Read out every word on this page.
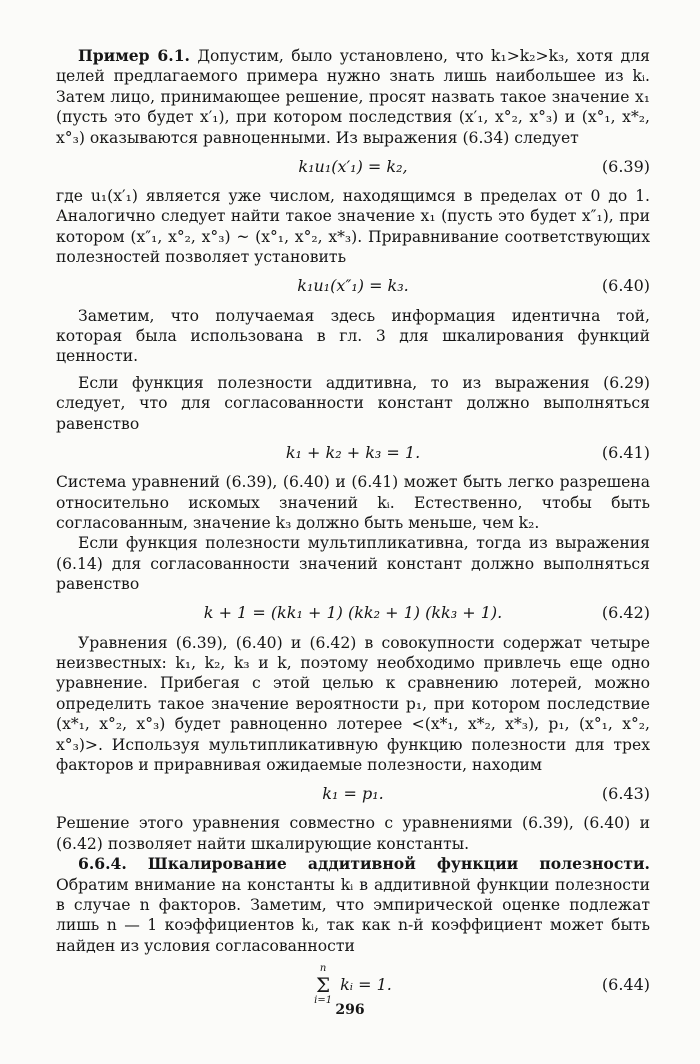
Пример 6.1. Допустим, было установлено, что k₁>k₂>k₃, хотя для целей предлагаемого примера нужно знать лишь наибольшее из kᵢ. Затем лицо, принимающее решение, просят назвать такое значение x₁ (пусть это будет x′₁), при котором последствия (x′₁, x°₂, x°₃) и (x°₁, x*₂, x°₃) оказываются равноценными. Из выражения (6.34) следует

k₁u₁(x′₁) = k₂,	(6.39)

где u₁(x′₁) является уже числом, находящимся в пределах от 0 до 1. Аналогично следует найти такое значение x₁ (пусть это будет x″₁), при котором (x″₁, x°₂, x°₃) ~ (x°₁, x°₂, x*₃). Приравнивание соответствующих полезностей позволяет установить

k₁u₁(x″₁) = k₃.	(6.40)

Заметим, что получаемая здесь информация идентична той, которая была использована в гл. 3 для шкалирования функций ценности.

Если функция полезности аддитивна, то из выражения (6.29) следует, что для согласованности констант должно выполняться равенство

k₁ + k₂ + k₃ = 1.	(6.41)

Система уравнений (6.39), (6.40) и (6.41) может быть легко разрешена относительно искомых значений kᵢ. Естественно, чтобы быть согласованным, значение k₃ должно быть меньше, чем k₂.

Если функция полезности мультипликативна, тогда из выражения (6.14) для согласованности значений констант должно выполняться равенство

k + 1 = (kk₁ + 1) (kk₂ + 1) (kk₃ + 1).	(6.42)

Уравнения (6.39), (6.40) и (6.42) в совокупности содержат четыре неизвестных: k₁, k₂, k₃ и k, поэтому необходимо привлечь еще одно уравнение. Прибегая с этой целью к сравнению лотерей, можно определить такое значение вероятности p₁, при котором последствие (x*₁, x°₂, x°₃) будет равноценно лотерее <(x*₁, x*₂, x*₃), p₁, (x°₁, x°₂, x°₃)>. Используя мультипликативную функцию полезности для трех факторов и приравнивая ожидаемые полезности, находим

k₁ = p₁.	(6.43)

Решение этого уравнения совместно с уравнениями (6.39), (6.40) и (6.42) позволяет найти шкалирующие константы.

6.6.4. Шкалирование аддитивной функции полезности. Обратим внимание на константы kᵢ в аддитивной функции полезности в случае n факторов. Заметим, что эмпирической оценке подлежат лишь n — 1 коэффициентов kᵢ, так как n-й коэффициент может быть найден из условия согласованности

n
Σ
i=1
kᵢ = 1.	(6.44)
296
